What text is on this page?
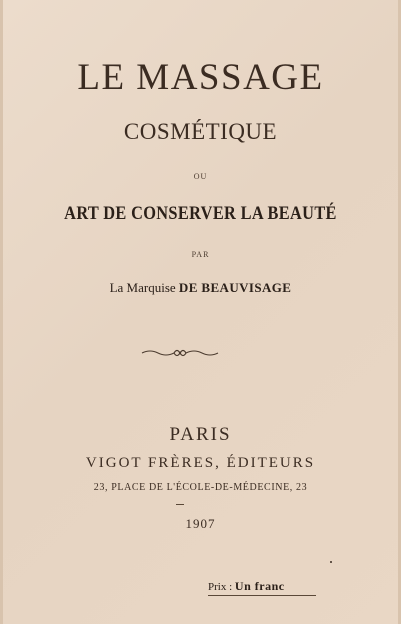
LE MASSAGE
COSMÉTIQUE
OU
ART DE CONSERVER LA BEAUTÉ
PAR
La Marquise DE BEAUVISAGE
PARIS
VIGOT FRÈRES, ÉDITEURS
23, PLACE DE L'ÉCOLE-DE-MÉDECINE, 23
1907
Prix : Un franc
